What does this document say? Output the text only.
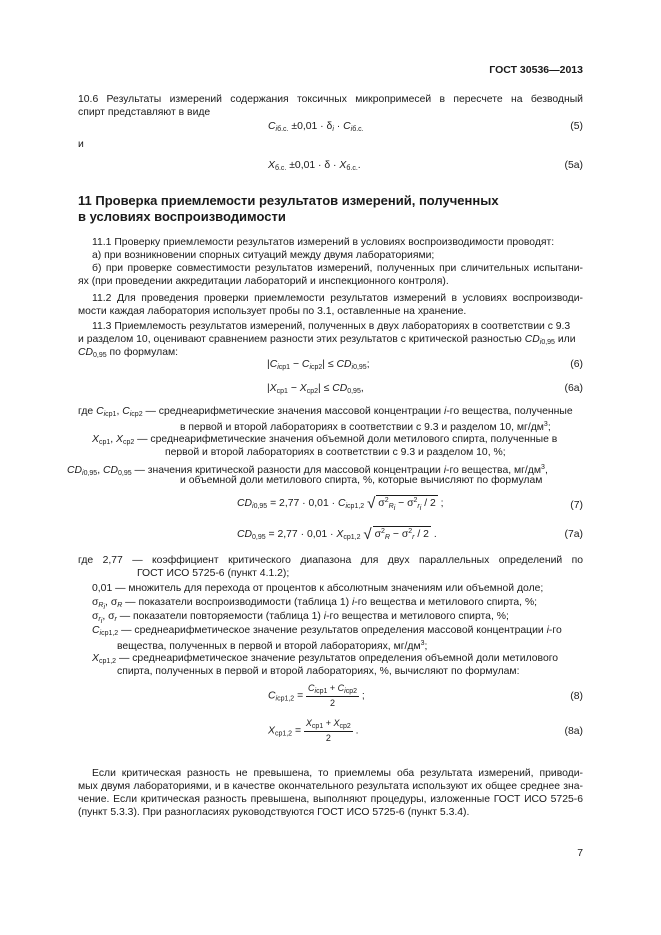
ГОСТ 30536—2013
10.6 Результаты измерений содержания токсичных микропримесей в пересчете на безводный
спирт представляют в виде
$C_{iб.с.} \pm 0,01 \cdot \delta_i \cdot C_{iб.с.}$	(5)
и
$X_{б.с.} \pm 0,01 \cdot \delta \cdot X_{б.с.}$.	(5а)
11 Проверка приемлемости результатов измерений, полученных
в условиях воспроизводимости
11.1 Проверку приемлемости результатов измерений в условиях воспроизводимости проводят:
а) при возникновении спорных ситуаций между двумя лабораториями;
б) при проверке совместимости результатов измерений, полученных при сличительных испытани-
ях (при проведении аккредитации лабораторий и инспекционного контроля).
11.2 Для проведения проверки приемлемости результатов измерений в условиях воспроизводи-
мости каждая лаборатория использует пробы по 3.1, оставленные на хранение.
11.3 Приемлемость результатов измерений, полученных в двух лабораториях в соответствии с 9.3
и разделом 10, оценивают сравнением разности этих результатов с критической разностью $CD_{i0,95}$ или
$CD_{0,95}$ по формулам:
$|C_{iср1} - C_{iср2}| \le CD_{i0,95}$;	(6)
$|X_{ср1} - X_{ср2}| \le CD_{0,95}$,	(6а)
где $C_{iср1}$, $C_{iср2}$ — среднеарифметические значения массовой концентрации i-го вещества, полученные
в первой и второй лабораториях в соответствии с 9.3 и разделом 10, $мг/дм^3$;
$X_{ср1}$, $X_{ср2}$ — среднеарифметические значения объемной доли метилового спирта, полученные в
первой и второй лабораториях в соответствии с 9.3 и разделом 10, %;
$CD_{i0,95}$, $CD_{0,95}$ — значения критической разности для массовой концентрации i-го вещества, $мг/дм^3$,
и объемной доли метилового спирта, %, которые вычисляют по формулам
$CD_{i0,95} = 2,77 \cdot 0,01 \cdot C_{iср1,2}$ √ $\sigma^2_{R_i} - \sigma^2_{r_i} / 2$ ;	(7)
$CD_{0,95} = 2,77 \cdot 0,01 \cdot X_{ср1,2}$ √ $\sigma^2_R - \sigma^2_r / 2$ .	(7а)
где 2,77 — коэффициент критического диапазона для двух параллельных определений по
ГОСТ ИСО 5725-6 (пункт 4.1.2);
0,01 — множитель для перехода от процентов к абсолютным значениям или объемной доле;
$\sigma_{R_i}$, $\sigma_R$ — показатели воспроизводимости (таблица 1) i-го вещества и метилового спирта, %;
$\sigma_{r_i}$, $\sigma_r$ — показатели повторяемости (таблица 1) i-го вещества и метилового спирта, %;
$C_{iср1,2}$ — среднеарифметическое значение результатов определения массовой концентрации i-го
вещества, полученных в первой и второй лабораториях, $мг/дм^3$;
$X_{ср1,2}$ — среднеарифметическое значение результатов определения объемной доли метилового
спирта, полученных в первой и второй лабораториях, %, вычисляют по формулам:
$C_{iср1,2} = \frac{C_{iср1} + C_{iср2}}{2}$ ;	(8)
$X_{ср1,2} = \frac{X_{ср1} + X_{ср2}}{2}$ .	(8а)
Если критическая разность не превышена, то приемлемы оба результата измерений, приводи-
мых двумя лабораториями, и в качестве окончательного результата используют их общее среднее зна-
чение. Если критическая разность превышена, выполняют процедуры, изложенные ГОСТ ИСО 5725-6
(пункт 5.3.3). При разногласиях руководствуются ГОСТ ИСО 5725-6 (пункт 5.3.4).
7
